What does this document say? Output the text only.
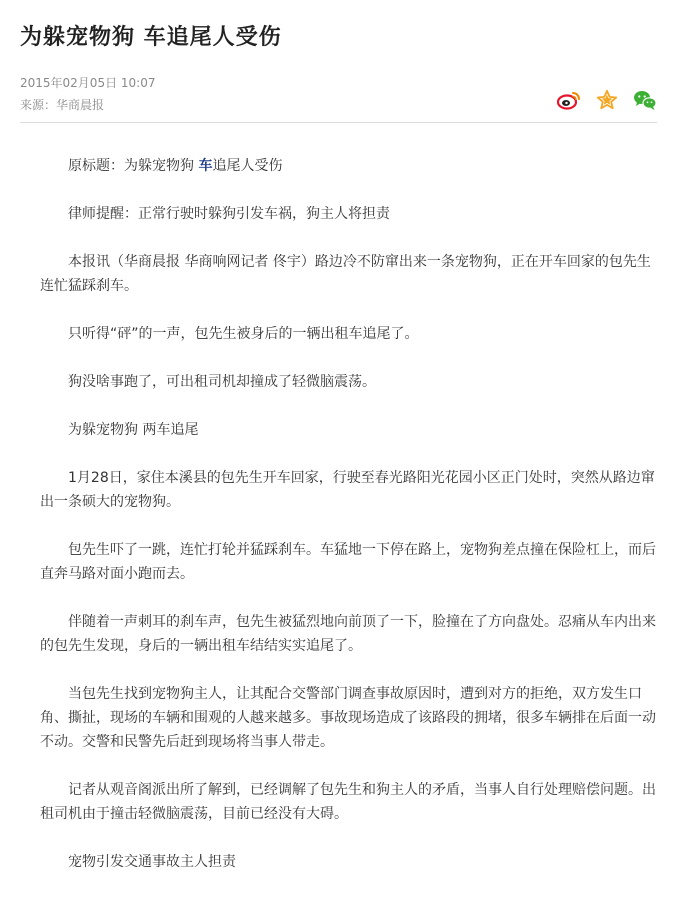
为躲宠物狗 车追尾人受伤
2015年02月05日 10:07
来源：华商晨报

原标题：为躲宠物狗 车追尾人受伤

律师提醒：正常行驶时躲狗引发车祸，狗主人将担责

本报讯（华商晨报 华商响网记者 佟宇）路边冷不防窜出来一条宠物狗，正在开车回家的包先生连忙猛踩刹车。

只听得“砰”的一声，包先生被身后的一辆出租车追尾了。

狗没啥事跑了，可出租司机却撞成了轻微脑震荡。

为躲宠物狗 两车追尾

1月28日，家住本溪县的包先生开车回家，行驶至春光路阳光花园小区正门处时，突然从路边窜出一条硕大的宠物狗。

包先生吓了一跳，连忙打轮并猛踩刹车。车猛地一下停在路上，宠物狗差点撞在保险杠上，而后直奔马路对面小跑而去。

伴随着一声刺耳的刹车声，包先生被猛烈地向前顶了一下，脸撞在了方向盘处。忍痛从车内出来的包先生发现，身后的一辆出租车结结实实追尾了。

当包先生找到宠物狗主人，让其配合交警部门调查事故原因时，遭到对方的拒绝，双方发生口角、撕扯，现场的车辆和围观的人越来越多。事故现场造成了该路段的拥堵，很多车辆排在后面一动不动。交警和民警先后赶到现场将当事人带走。

记者从观音阁派出所了解到，已经调解了包先生和狗主人的矛盾，当事人自行处理赔偿问题。出租司机由于撞击轻微脑震荡，目前已经没有大碍。

宠物引发交通事故主人担责
